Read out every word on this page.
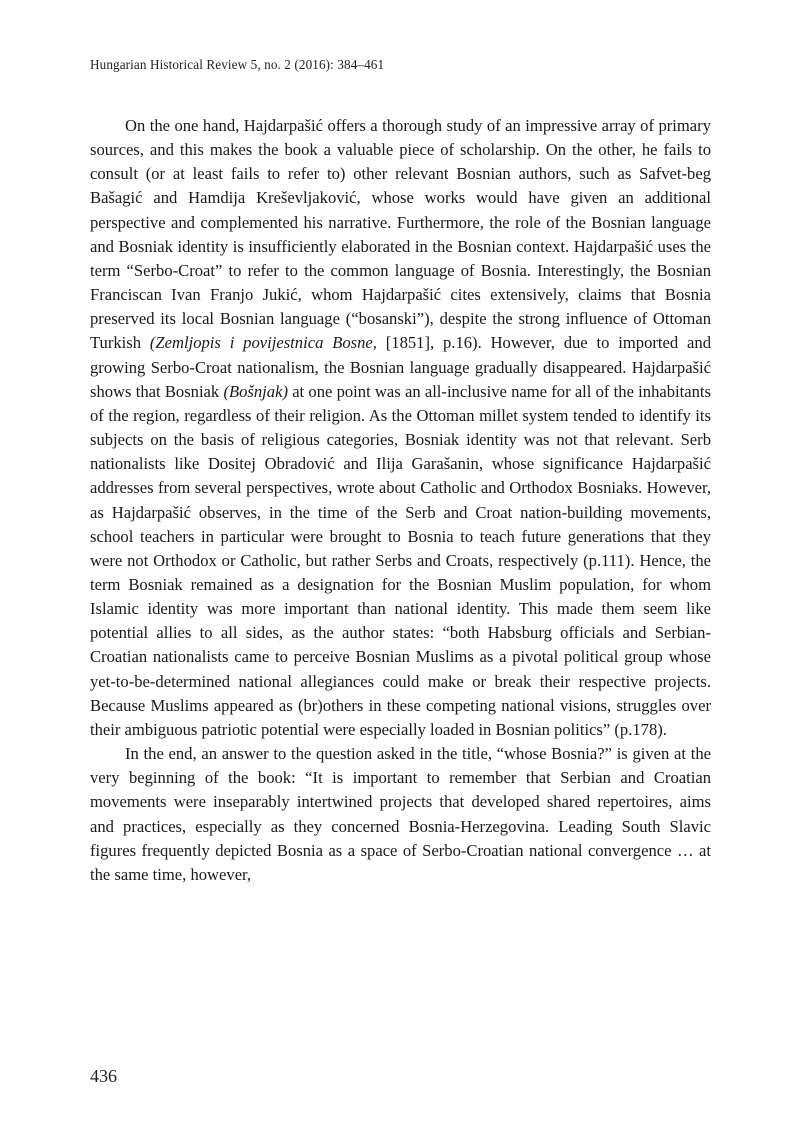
Hungarian Historical Review 5, no. 2 (2016): 384–461

On the one hand, Hajdarpašić offers a thorough study of an impressive array of primary sources, and this makes the book a valuable piece of scholarship. On the other, he fails to consult (or at least fails to refer to) other relevant Bosnian authors, such as Safvet-beg Bašagić and Hamdija Kreševljaković, whose works would have given an additional perspective and complemented his narrative. Furthermore, the role of the Bosnian language and Bosniak identity is insufficiently elaborated in the Bosnian context. Hajdarpašić uses the term “Serbo-Croat” to refer to the common language of Bosnia. Interestingly, the Bosnian Franciscan Ivan Franjo Jukić, whom Hajdarpašić cites extensively, claims that Bosnia preserved its local Bosnian language (“bosanski”), despite the strong influence of Ottoman Turkish (Zemljopis i povijestnica Bosne, [1851], p.16). However, due to imported and growing Serbo-Croat nationalism, the Bosnian language gradually disappeared. Hajdarpašić shows that Bosniak (Bošnjak) at one point was an all-inclusive name for all of the inhabitants of the region, regardless of their religion. As the Ottoman millet system tended to identify its subjects on the basis of religious categories, Bosniak identity was not that relevant. Serb nationalists like Dositej Obradović and Ilija Garašanin, whose significance Hajdarpašić addresses from several perspectives, wrote about Catholic and Orthodox Bosniaks. However, as Hajdarpašić observes, in the time of the Serb and Croat nation-building movements, school teachers in particular were brought to Bosnia to teach future generations that they were not Orthodox or Catholic, but rather Serbs and Croats, respectively (p.111). Hence, the term Bosniak remained as a designation for the Bosnian Muslim population, for whom Islamic identity was more important than national identity. This made them seem like potential allies to all sides, as the author states: “both Habsburg officials and Serbian-Croatian nationalists came to perceive Bosnian Muslims as a pivotal political group whose yet-to-be-determined national allegiances could make or break their respective projects. Because Muslims appeared as (br)others in these competing national visions, struggles over their ambiguous patriotic potential were especially loaded in Bosnian politics” (p.178).

In the end, an answer to the question asked in the title, “whose Bosnia?” is given at the very beginning of the book: “It is important to remember that Serbian and Croatian movements were inseparably intertwined projects that developed shared repertoires, aims and practices, especially as they concerned Bosnia-Herzegovina. Leading South Slavic figures frequently depicted Bosnia as a space of Serbo-Croatian national convergence … at the same time, however,

436
